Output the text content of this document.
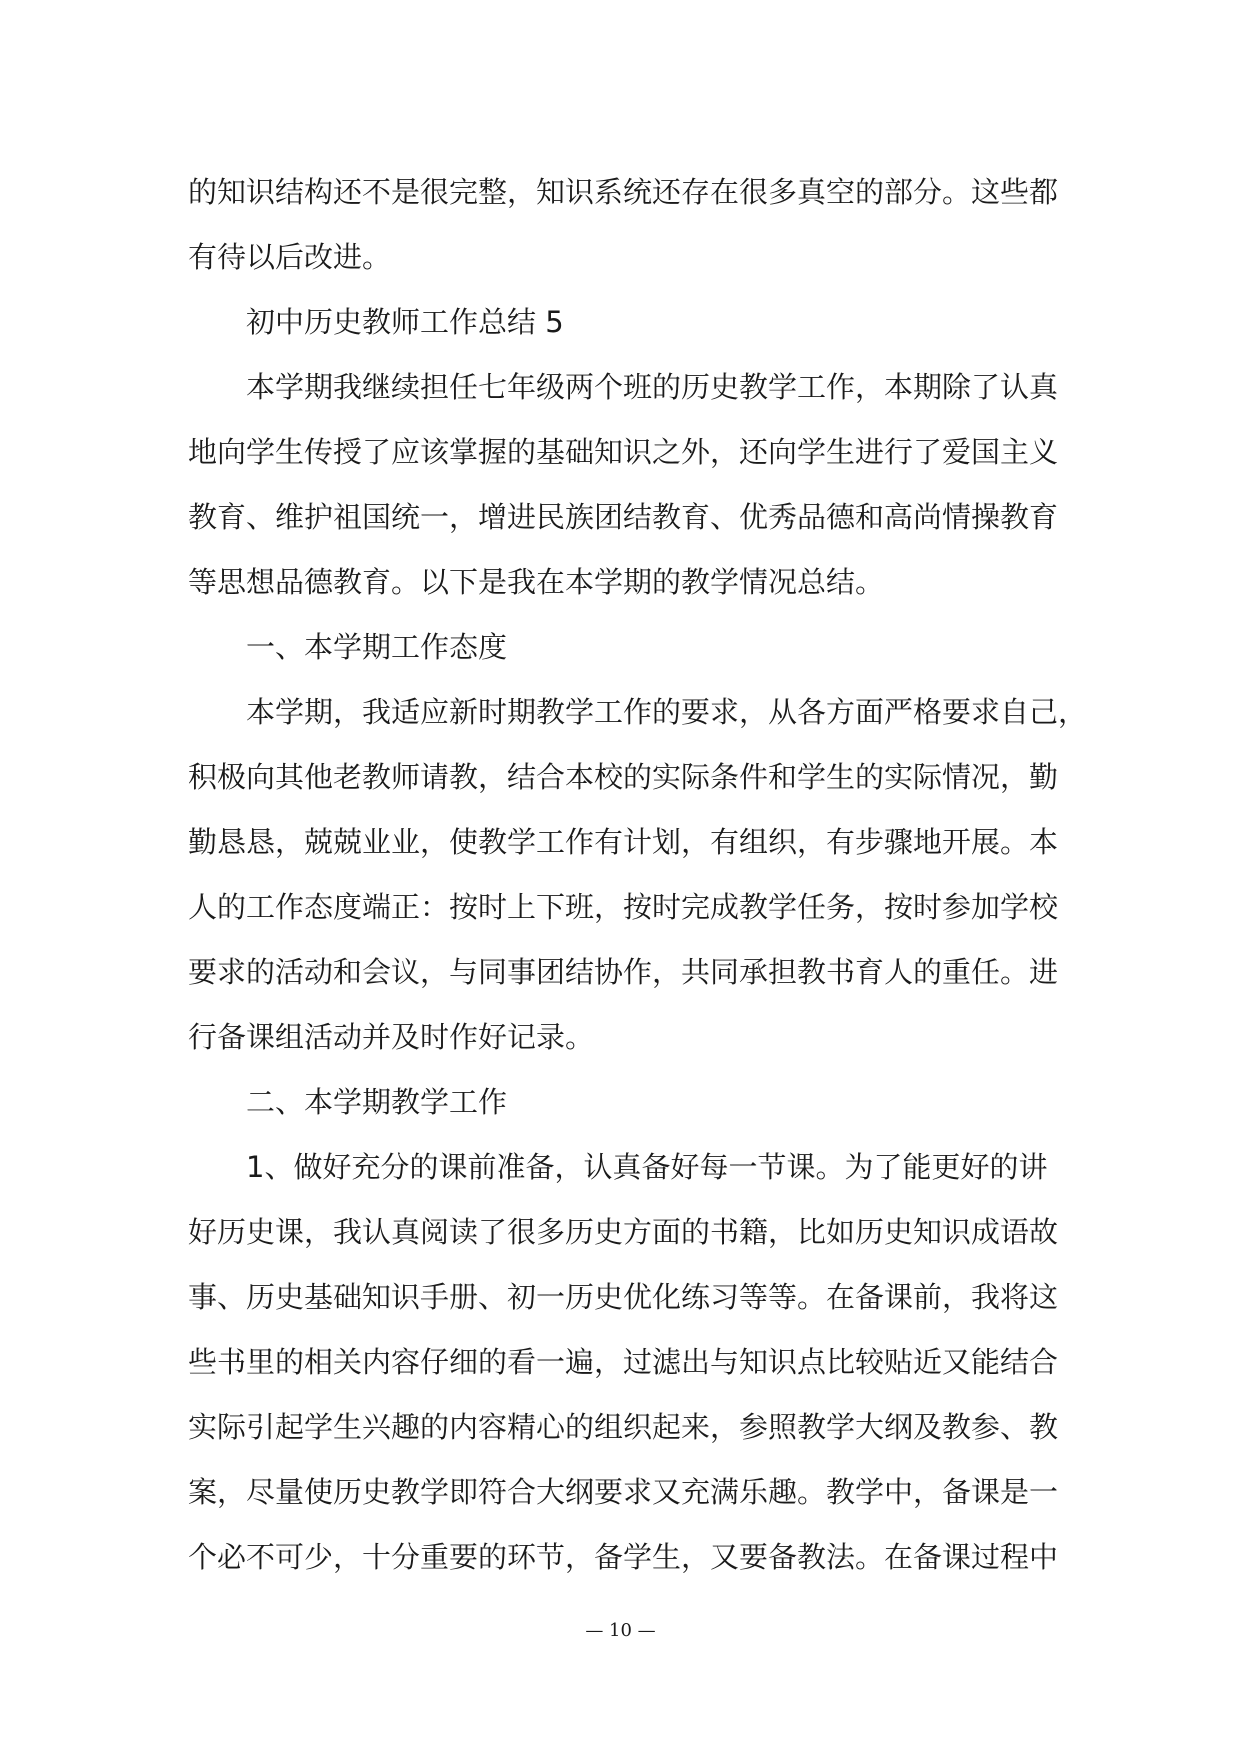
的知识结构还不是很完整，知识系统还存在很多真空的部分。这些都
有待以后改进。
初中历史教师工作总结 5
本学期我继续担任七年级两个班的历史教学工作，本期除了认真
地向学生传授了应该掌握的基础知识之外，还向学生进行了爱国主义
教育、维护祖国统一，增进民族团结教育、优秀品德和高尚情操教育
等思想品德教育。以下是我在本学期的教学情况总结。
一、本学期工作态度
本学期，我适应新时期教学工作的要求，从各方面严格要求自己，
积极向其他老教师请教，结合本校的实际条件和学生的实际情况，勤
勤恳恳，兢兢业业，使教学工作有计划，有组织，有步骤地开展。本
人的工作态度端正：按时上下班，按时完成教学任务，按时参加学校
要求的活动和会议，与同事团结协作，共同承担教书育人的重任。进
行备课组活动并及时作好记录。
二、本学期教学工作
1、做好充分的课前准备，认真备好每一节课。为了能更好的讲
好历史课，我认真阅读了很多历史方面的书籍，比如历史知识成语故
事、历史基础知识手册、初一历史优化练习等等。在备课前，我将这
些书里的相关内容仔细的看一遍，过滤出与知识点比较贴近又能结合
实际引起学生兴趣的内容精心的组织起来，参照教学大纲及教参、教
案，尽量使历史教学即符合大纲要求又充满乐趣。教学中，备课是一
个必不可少，十分重要的环节，备学生，又要备教法。在备课过程中
— 10 —
